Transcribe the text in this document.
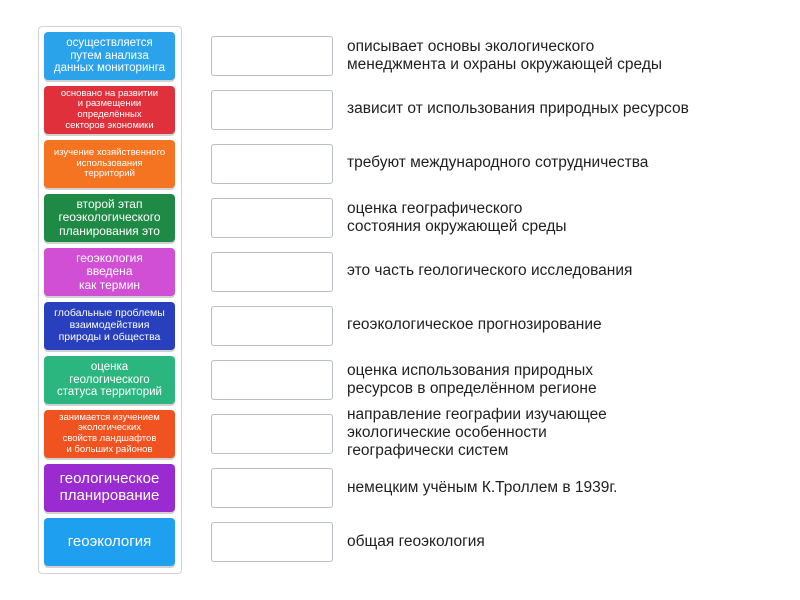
осуществляется
путем анализа
данных мониторинга
основано на развитии
и размещении
определённых
секторов экономики
изучение хозяйственного
использования
территорий
второй этап
геоэкологического
планирования это
геоэкология
введена
как термин
глобальные проблемы
взаимодействия
природы и общества
оценка
геологического
статуса территорий
занимается изучением
экологических
свойств ландшафтов
и больших районов
геологическое
планирование
геоэкология
описывает основы экологического
менеджмента и охраны окружающей среды
зависит от использования природных ресурсов
требуют международного сотрудничества
оценка географического
состояния окружающей среды
это часть геологического исследования
геоэкологическое прогнозирование
оценка использования природных
ресурсов в определённом регионе
направление географии изучающее
экологические особенности
географически систем
немецким учёным К.Троллем в 1939г.
общая геоэкология
